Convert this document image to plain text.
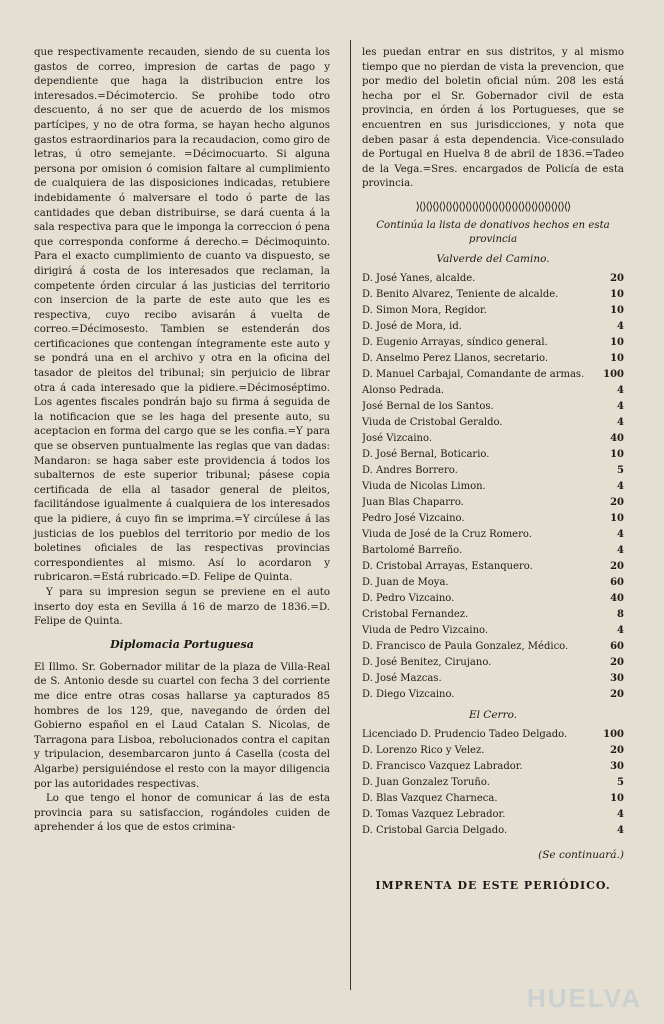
que respectivamente recauden, siendo de su cuenta los gastos de correo, impresion de cartas de pago y dependiente que haga la distribucion entre los interesados.=Décimotercio. Se prohibe todo otro descuento, á no ser que de acuerdo de los mismos partícipes, y no de otra forma, se hayan hecho algunos gastos estraordinarios para la recaudacion, como giro de letras, ú otro semejante. =Décimocuarto. Si alguna persona por omision ó comision faltare al cumplimiento de cualquiera de las disposiciones indicadas, retubiere indebidamente ó malversare el todo ó parte de las cantidades que deban distribuirse, se dará cuenta á la sala respectiva para que le imponga la correccion ó pena que corresponda conforme á derecho.= Décimoquinto. Para el exacto cumplimiento de cuanto va dispuesto, se dirigirá á costa de los interesados que reclaman, la competente órden circular á las justicias del territorio con insercion de la parte de este auto que les es respectiva, cuyo recibo avisarán á vuelta de correo.=Décimosesto. Tambien se estenderán dos certificaciones que contengan íntegramente este auto y se pondrá una en el archivo y otra en la oficina del tasador de pleitos del tribunal; sin perjuicio de librar otra á cada interesado que la pidiere.=Décimoséptimo. Los agentes fiscales pondrán bajo su firma á seguida de la notificacion que se les haga del presente auto, su aceptacion en forma del cargo que se les confia.=Y para que se observen puntualmente las reglas que van dadas: Mandaron: se haga saber este providencia á todos los subalternos de este superior tribunal; pásese copia certificada de ella al tasador general de pleitos, facilitándose igualmente á cualquiera de los interesados que la pidiere, á cuyo fin se imprima.=Y circúlese á las justicias de los pueblos del territorio por medio de los boletines oficiales de las respectivas provincias correspondientes al mismo. Así lo acordaron y rubricaron.=Está rubricado.=D. Felipe de Quinta.

Y para su impresion segun se previene en el auto inserto doy esta en Sevilla á 16 de marzo de 1836.=D. Felipe de Quinta.

Diplomacia Portuguesa

El Illmo. Sr. Gobernador militar de la plaza de Villa-Real de S. Antonio desde su cuartel con fecha 3 del corriente me dice entre otras cosas hallarse ya capturados 85 hombres de los 129, que, navegando de órden del Gobierno español en el Laud Catalan S. Nicolas, de Tarragona para Lisboa, rebolucionados contra el capitan y tripulacion, desembarcaron junto á Casella (costa del Algarbe) persiguiéndose el resto con la mayor diligencia por las autoridades respectivas.

Lo que tengo el honor de comunicar á las de esta provincia para su satisfaccion, rogándoles cuiden de aprehender á los que de estos crimina-

les puedan entrar en sus distritos, y al mismo tiempo que no pierdan de vista la prevencion, que por medio del boletin oficial núm. 208 les está hecha por el Sr. Gobernador civil de esta provincia, en órden á los Portugueses, que se encuentren en sus jurisdicciones, y nota que deben pasar á esta dependencia. Vice-consulado de Portugal en Huelva 8 de abril de 1836.=Tadeo de la Vega.=Sres. encargados de Policía de esta provincia.

⟩⟨⟩⟨⟩⟨⟩⟨⟩⟨⟩⟨⟩⟨⟩⟨⟩⟨⟩⟨⟩⟨⟩⟨⟩⟨⟩⟨⟩⟨⟩⟨⟩⟨⟩⟨⟩⟨⟩⟨⟩⟨⟩⟨⟩⟨⟩
Continúa la lista de donativos hechos en esta provincia
Valverde del Camino.
D. José Yanes, alcalde.	20
D. Benito Alvarez, Teniente de alcalde.	10
D. Simon Mora, Regidor.	10
D. José de Mora, id.	4
D. Eugenio Arrayas, síndico general.	10
D. Anselmo Perez Llanos, secretario.	10
D. Manuel Carbajal, Comandante de armas. 100
Alonso Pedrada.	4
José Bernal de los Santos.	4
Viuda de Cristobal Geraldo.	4
José Vizcaino.	40
D. José Bernal, Boticario.	10
D. Andres Borrero.	5
Viuda de Nicolas Limon.	4
Juan Blas Chaparro.	20
Pedro José Vizcaino.	10
Viuda de José de la Cruz Romero.	4
Bartolomé Barreño.	4
D. Cristobal Arrayas, Estanquero.	20
D. Juan de Moya.	60
D. Pedro Vizcaino.	40
Cristobal Fernandez.	8
Viuda de Pedro Vizcaino.	4
D. Francisco de Paula Gonzalez, Médico.	60
D. José Benitez, Cirujano.	20
D. José Mazcas.	30
D. Diego Vizcaino.	20
El Cerro.
Licenciado D. Prudencio Tadeo Delgado.	100
D. Lorenzo Rico y Velez.	20
D. Francisco Vazquez Labrador.	30
D. Juan Gonzalez Toruño.	5
D. Blas Vazquez Charneca.	10
D. Tomas Vazquez Lebrador.	4
D. Cristobal Garcia Delgado.	4
(Se continuará.)
IMPRENTA DE ESTE PERIÓDICO.
HUELVA
